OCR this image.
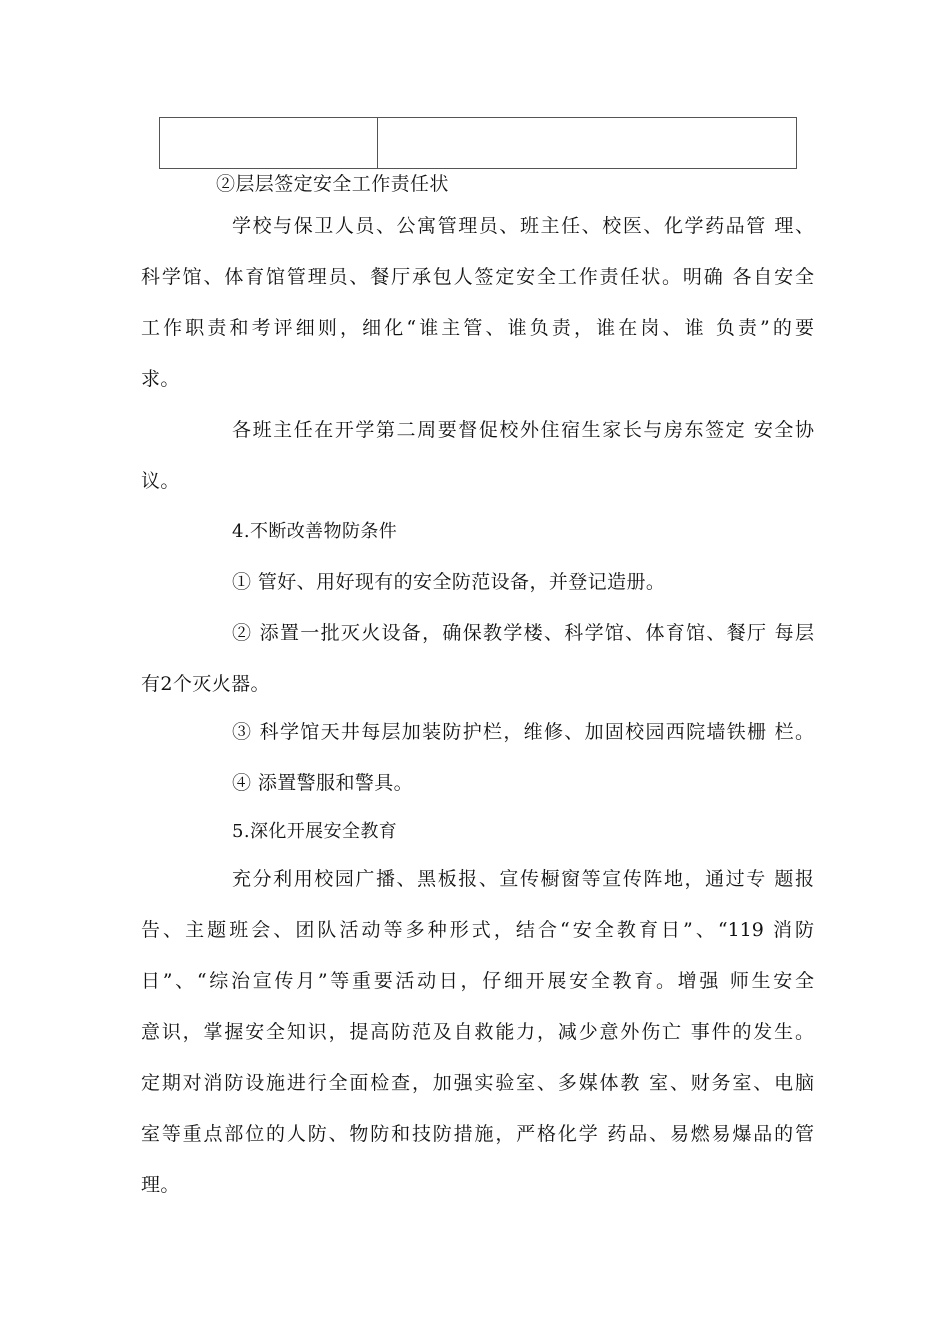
②层层签定安全工作责任状
学校与保卫人员、公寓管理员、班主任、校医、化学药品管 理、
科学馆、体育馆管理员、餐厅承包人签定安全工作责任状。明确 各自安全
工作职责和考评细则，细化“谁主管、谁负责，谁在岗、谁 负责”的要
求。
各班主任在开学第二周要督促校外住宿生家长与房东签定 安全协
议。
4.不断改善物防条件
① 管好、用好现有的安全防范设备，并登记造册。
② 添置一批灭火设备，确保教学楼、科学馆、体育馆、餐厅 每层
有2个灭火器。
③ 科学馆天井每层加装防护栏，维修、加固校园西院墙铁栅 栏。
④ 添置警服和警具。
5.深化开展安全教育
充分利用校园广播、黑板报、宣传橱窗等宣传阵地，通过专 题报
告、主题班会、团队活动等多种形式，结合“安全教育日”、“119 消防
日”、“综治宣传月”等重要活动日，仔细开展安全教育。增强 师生安全
意识，掌握安全知识，提高防范及自救能力，减少意外伤亡 事件的发生。
定期对消防设施进行全面检查，加强实验室、多媒体教 室、财务室、电脑
室等重点部位的人防、物防和技防措施，严格化学 药品、易燃易爆品的管
理。
